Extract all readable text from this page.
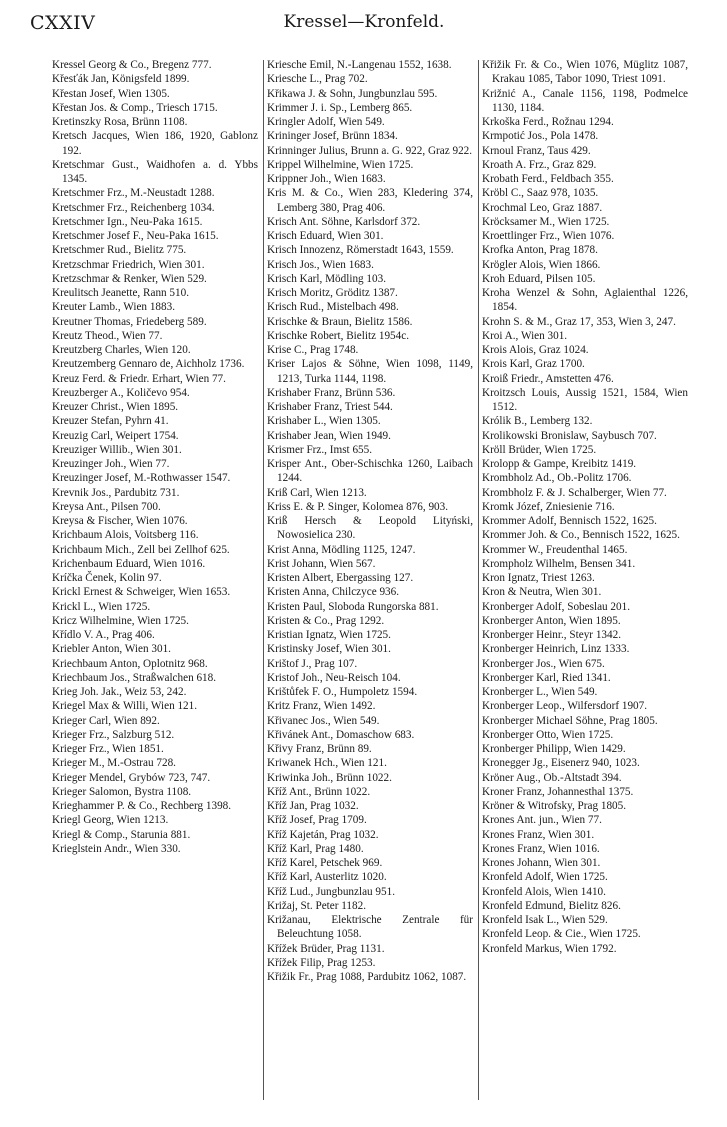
CXXIV	Kressel—Kronfeld.

Kressel Georg & Co., Bregenz 777.

Křesťák Jan, Königsfeld 1899.

Křestan Josef, Wien 1305.

Křestan Jos. & Comp., Triesch 1715.

Kretinszky Rosa, Brünn 1108.

Kretsch Jacques, Wien 186, 1920, Gablonz 192.

Kretschmar Gust., Waidhofen a. d. Ybbs 1345.

Kretschmer Frz., M.-Neustadt 1288.

Kretschmer Frz., Reichenberg 1034.

Kretschmer Ign., Neu-Paka 1615.

Kretschmer Josef F., Neu-Paka 1615.

Kretschmer Rud., Bielitz 775.

Kretzschmar Friedrich, Wien 301.

Kretzschmar & Renker, Wien 529.

Kreulitsch Jeanette, Rann 510.

Kreuter Lamb., Wien 1883.

Kreutner Thomas, Friedeberg 589.

Kreutz Theod., Wien 77.

Kreutzberg Charles, Wien 120.

Kreutzemberg Gennaro de, Aichholz 1736.

Kreuz Ferd. & Friedr. Erhart, Wien 77.

Kreuzberger A., Količevo 954.

Kreuzer Christ., Wien 1895.

Kreuzer Stefan, Pyhrn 41.

Kreuzig Carl, Weipert 1754.

Kreuziger Willib., Wien 301.

Kreuzinger Joh., Wien 77.

Kreuzinger Josef, M.-Rothwasser 1547.

Krevnik Jos., Pardubitz 731.

Kreysa Ant., Pilsen 700.

Kreysa & Fischer, Wien 1076.

Krichbaum Alois, Voitsberg 116.

Krichbaum Mich., Zell bei Zellhof 625.

Krichenbaum Eduard, Wien 1016.

Kríčka Čenek, Kolin 97.

Krickl Ernest & Schweiger, Wien 1653.

Krickl L., Wien 1725.

Kricz Wilhelmine, Wien 1725.

Křídlo V. A., Prag 406.

Kriebler Anton, Wien 301.

Kriechbaum Anton, Oplotnitz 968.

Kriechbaum Jos., Straßwalchen 618.

Krieg Joh. Jak., Weiz 53, 242.

Kriegel Max & Willi, Wien 121.

Krieger Carl, Wien 892.

Krieger Frz., Salzburg 512.

Krieger Frz., Wien 1851.

Krieger M., M.-Ostrau 728.

Krieger Mendel, Grybów 723, 747.

Krieger Salomon, Bystra 1108.

Krieghammer P. & Co., Rechberg 1398.

Kriegl Georg, Wien 1213.

Kriegl & Comp., Starunia 881.

Krieglstein Andr., Wien 330.

Kriesche Emil, N.-Langenau 1552, 1638.

Kriesche L., Prag 702.

Křikawa J. & Sohn, Jungbunzlau 595.

Krimmer J. i. Sp., Lemberg 865.

Kringler Adolf, Wien 549.

Krininger Josef, Brünn 1834.

Krinninger Julius, Brunn a. G. 922, Graz 922.

Krippel Wilhelmine, Wien 1725.

Krippner Joh., Wien 1683.

Kris M. & Co., Wien 283, Kledering 374, Lemberg 380, Prag 406.

Krisch Ant. Söhne, Karlsdorf 372.

Krisch Eduard, Wien 301.

Krisch Innozenz, Römerstadt 1643, 1559.

Krisch Jos., Wien 1683.

Krisch Karl, Mödling 103.

Krisch Moritz, Gröditz 1387.

Krisch Rud., Mistelbach 498.

Krischke & Braun, Bielitz 1586.

Krischke Robert, Bielitz 1954c.

Krise C., Prag 1748.

Kriser Lajos & Söhne, Wien 1098, 1149, 1213, Turka 1144, 1198.

Krishaber Franz, Brünn 536.

Krishaber Franz, Triest 544.

Krishaber L., Wien 1305.

Krishaber Jean, Wien 1949.

Krismer Frz., Imst 655.

Krisper Ant., Ober-Schischka 1260, Laibach 1244.

Kriß Carl, Wien 1213.

Kriss E. & P. Singer, Kolomea 876, 903.

Kriß Hersch & Leopold Lityński, Nowosielica 230.

Krist Anna, Mödling 1125, 1247.

Krist Johann, Wien 567.

Kristen Albert, Ebergassing 127.

Kristen Anna, Chilczyce 936.

Kristen Paul, Sloboda Rungorska 881.

Kristen & Co., Prag 1292.

Kristian Ignatz, Wien 1725.

Kristinsky Josef, Wien 301.

Krištof J., Prag 107.

Kristof Joh., Neu-Reisch 104.

Krištůfek F. O., Humpoletz 1594.

Kritz Franz, Wien 1492.

Křivanec Jos., Wien 549.

Křivánek Ant., Domaschow 683.

Křivy Franz, Brünn 89.

Kriwanek Hch., Wien 121.

Kriwinka Joh., Brünn 1022.

Kříž Ant., Brünn 1022.

Kříž Jan, Prag 1032.

Kříž Josef, Prag 1709.

Kříž Kajetán, Prag 1032.

Kříž Karl, Prag 1480.

Kříž Karel, Petschek 969.

Kříž Karl, Austerlitz 1020.

Kříž Lud., Jungbunzlau 951.

Križaj, St. Peter 1182.

Križanau, Elektrische Zentrale für Beleuchtung 1058.

Křížek Brüder, Prag 1131.

Křížek Filip, Prag 1253.

Křižik Fr., Prag 1088, Pardubitz 1062, 1087.

Křižik Fr. & Co., Wien 1076, Müglitz 1087, Krakau 1085, Tabor 1090, Triest 1091.

Križnić A., Canale 1156, 1198, Podmelce 1130, 1184.

Krkoška Ferd., Rožnau 1294.

Krmpotić Jos., Pola 1478.

Krnoul Franz, Taus 429.

Kroath A. Frz., Graz 829.

Krobath Ferd., Feldbach 355.

Kröbl C., Saaz 978, 1035.

Krochmal Leo, Graz 1887.

Kröcksamer M., Wien 1725.

Kroettlinger Frz., Wien 1076.

Krofka Anton, Prag 1878.

Krögler Alois, Wien 1866.

Kroh Eduard, Pilsen 105.

Kroha Wenzel & Sohn, Aglaienthal 1226, 1854.

Krohn S. & M., Graz 17, 353, Wien 3, 247.

Kroi A., Wien 301.

Krois Alois, Graz 1024.

Krois Karl, Graz 1700.

Kroiß Friedr., Amstetten 476.

Kroitzsch Louis, Aussig 1521, 1584, Wien 1512.

Królik B., Lemberg 132.

Krolikowski Bronislaw, Saybusch 707.

Kröll Brüder, Wien 1725.

Krolopp & Gampe, Kreibitz 1419.

Krombholz Ad., Ob.-Politz 1706.

Krombholz F. & J. Schalberger, Wien 77.

Kromk Józef, Zniesienie 716.

Krommer Adolf, Bennisch 1522, 1625.

Krommer Joh. & Co., Bennisch 1522, 1625.

Krommer W., Freudenthal 1465.

Krompholz Wilhelm, Bensen 341.

Kron Ignatz, Triest 1263.

Kron & Neutra, Wien 301.

Kronberger Adolf, Sobeslau 201.

Kronberger Anton, Wien 1895.

Kronberger Heinr., Steyr 1342.

Kronberger Heinrich, Linz 1333.

Kronberger Jos., Wien 675.

Kronberger Karl, Ried 1341.

Kronberger L., Wien 549.

Kronberger Leop., Wilfersdorf 1907.

Kronberger Michael Söhne, Prag 1805.

Kronberger Otto, Wien 1725.

Kronberger Philipp, Wien 1429.

Kronegger Jg., Eisenerz 940, 1023.

Kröner Aug., Ob.-Altstadt 394.

Kroner Franz, Johannesthal 1375.

Kröner & Witrofsky, Prag 1805.

Krones Ant. jun., Wien 77.

Krones Franz, Wien 301.

Krones Franz, Wien 1016.

Krones Johann, Wien 301.

Kronfeld Adolf, Wien 1725.

Kronfeld Alois, Wien 1410.

Kronfeld Edmund, Bielitz 826.

Kronfeld Isak L., Wien 529.

Kronfeld Leop. & Cie., Wien 1725.

Kronfeld Markus, Wien 1792.
